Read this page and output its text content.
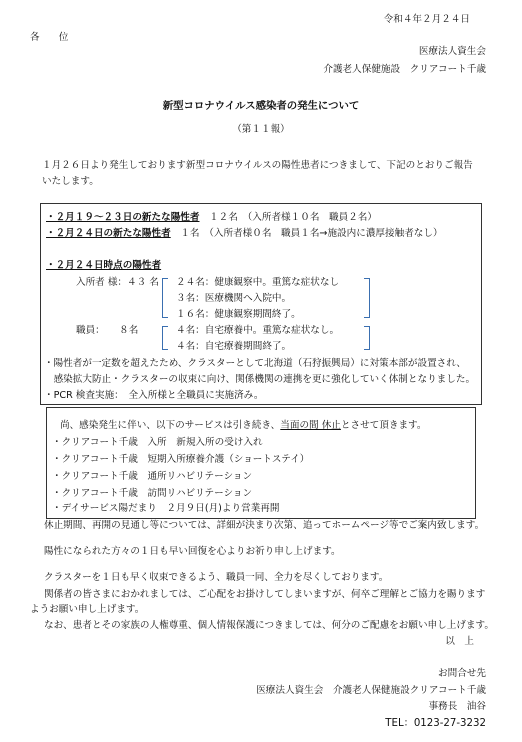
令和４年２月２４日
各　　位
医療法人資生会
介護老人保健施設　クリアコート千歳
新型コロナウイルス感染者の発生について
（第１１報）
１月２６日より発生しております新型コロナウイルスの陽性患者につきまして、下記のとおりご報告
いたします。
・２月１９～２３日の新たな陽性者　 １２名　（入所者様１０名　職員２名）
・２月２４日の新たな陽性者　 １名　（入所者様０名　職員１名→施設内に濃厚接触者なし）
・２月２４日時点の陽性者
入所者 様：４３ 名 ２４名：健康観察中。重篤な症状なし
３名：医療機関へ入院中。
１６名：健康観察期間終了。
職員：　　８名	４名：自宅療養中。重篤な症状なし。
４名：自宅療養期間終了。
・陽性者が一定数を超えたため、クラスターとして北海道（石狩振興局）に対策本部が設置され、
　感染拡大防止・クラスターの収束に向け、関係機関の連携を更に強化していく体制となりました。
・PCR 検査実施：　全入所様と全職員に実施済み。
尚、感染発生に伴い、以下のサービスは引き続き、当面の間 休止とさせて頂きます。
・クリアコート千歳　入所　新規入所の受け入れ
・クリアコート千歳　短期入所療養介護（ショートステイ）
・クリアコート千歳　通所リハビリテーション
・クリアコート千歳　訪問リハビリテーション
・デイサービス陽だまり　２月９日(月)より営業再開
休止期間、再開の見通し等については、詳細が決まり次第、追ってホームページ等でご案内致します。
陽性になられた方々の１日も早い回復を心よりお祈り申し上げます。
クラスターを１日も早く収束できるよう、職員一同、全力を尽くしております。
関係者の皆さまにおかれましては、ご心配をお掛けしてしまいますが、何卒ご理解とご協力を賜ります
ようお願い申し上げます。
なお、患者とその家族の人権尊重、個人情報保護につきましては、何分のご配慮をお願い申し上げます。
以　上
お問合せ先
医療法人資生会　介護老人保健施設クリアコート千歳
事務長　油谷
TEL：0123-27-3232
